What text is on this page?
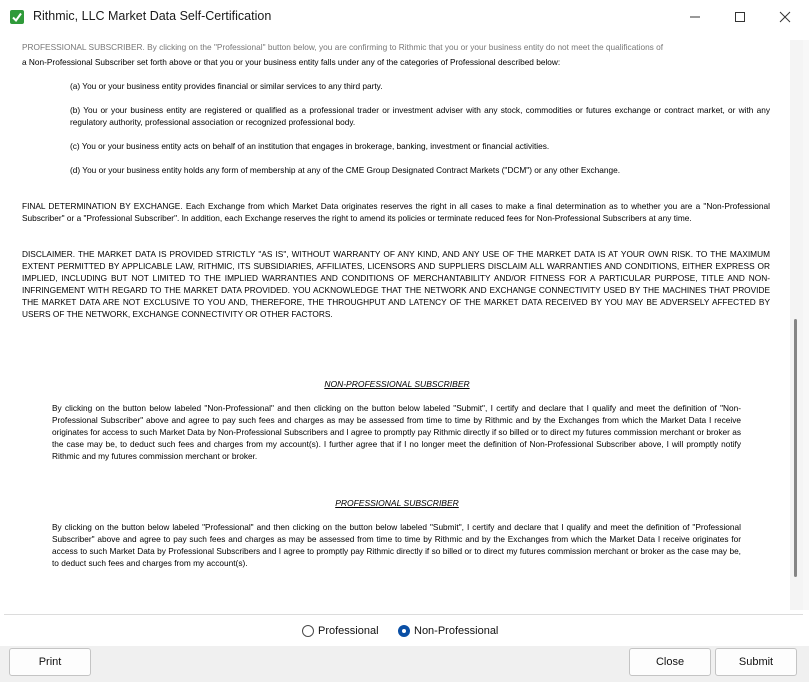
Rithmic, LLC Market Data Self-Certification
PROFESSIONAL SUBSCRIBER. By clicking on the "Professional" button below, you are confirming to Rithmic that you or your business entity do not meet the qualifications of

a Non-Professional Subscriber set forth above or that you or your business entity falls under any of the categories of Professional described below:

(a) You or your business entity provides financial or similar services to any third party.

(b) You or your business entity are registered or qualified as a professional trader or investment adviser with any stock, commodities or futures exchange or contract market, or with any regulatory authority, professional association or recognized professional body.

(c) You or your business entity acts on behalf of an institution that engages in brokerage, banking, investment or financial activities.

(d) You or your business entity holds any form of membership at any of the CME Group Designated Contract Markets ("DCM") or any other Exchange.

FINAL DETERMINATION BY EXCHANGE. Each Exchange from which Market Data originates reserves the right in all cases to make a final determination as to whether you are a "Non-Professional Subscriber" or a "Professional Subscriber". In addition, each Exchange reserves the right to amend its policies or terminate reduced fees for Non-Professional Subscribers at any time.

DISCLAIMER. THE MARKET DATA IS PROVIDED STRICTLY "AS IS", WITHOUT WARRANTY OF ANY KIND, AND ANY USE OF THE MARKET DATA IS AT YOUR OWN RISK. TO THE MAXIMUM EXTENT PERMITTED BY APPLICABLE LAW, RITHMIC, ITS SUBSIDIARIES, AFFILIATES, LICENSORS AND SUPPLIERS DISCLAIM ALL WARRANTIES AND CONDITIONS, EITHER EXPRESS OR IMPLIED, INCLUDING BUT NOT LIMITED TO THE IMPLIED WARRANTIES AND CONDITIONS OF MERCHANTABILITY AND/OR FITNESS FOR A PARTICULAR PURPOSE, TITLE AND NON-INFRINGEMENT WITH REGARD TO THE MARKET DATA PROVIDED. YOU ACKNOWLEDGE THAT THE NETWORK AND EXCHANGE CONNECTIVITY USED BY THE MACHINES THAT PROVIDE THE MARKET DATA ARE NOT EXCLUSIVE TO YOU AND, THEREFORE, THE THROUGHPUT AND LATENCY OF THE MARKET DATA RECEIVED BY YOU MAY BE ADVERSELY AFFECTED BY USERS OF THE NETWORK, EXCHANGE CONNECTIVITY OR OTHER FACTORS.

NON-PROFESSIONAL SUBSCRIBER

By clicking on the button below labeled "Non-Professional" and then clicking on the button below labeled "Submit", I certify and declare that I qualify and meet the definition of "Non-Professional Subscriber" above and agree to pay such fees and charges as may be assessed from time to time by Rithmic and by the Exchanges from which the Market Data I receive originates for access to such Market Data by Non-Professional Subscribers and I agree to promptly pay Rithmic directly if so billed or to direct my futures commission merchant or broker as the case may be, to deduct such fees and charges from my account(s). I further agree that if I no longer meet the definition of Non-Professional Subscriber above, I will promptly notify Rithmic and my futures commission merchant or broker.

PROFESSIONAL SUBSCRIBER

By clicking on the button below labeled "Professional" and then clicking on the button below labeled "Submit", I certify and declare that I qualify and meet the definition of "Professional Subscriber" above and agree to pay such fees and charges as may be assessed from time to time by Rithmic and by the Exchanges from which the Market Data I receive originates for access to such Market Data by Professional Subscribers and I agree to promptly pay Rithmic directly if so billed or to direct my futures commission merchant or broker as the case may be, to deduct such fees and charges from my account(s).

Professional	Non-Professional
Print	Close	Submit
